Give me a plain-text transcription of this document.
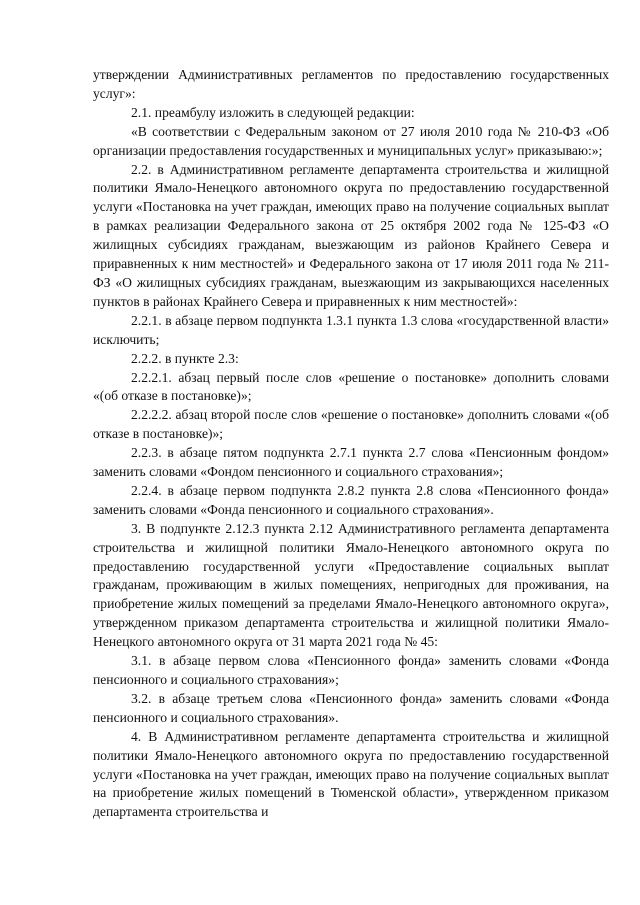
утверждении Административных регламентов по предоставлению государственных услуг»:

2.1. преамбулу изложить в следующей редакции:

«В соответствии с Федеральным законом от 27 июля 2010 года № 210-ФЗ «Об организации предоставления государственных и муниципальных услуг» приказываю:»;

2.2. в Административном регламенте департамента строительства и жилищной политики Ямало-Ненецкого автономного округа по предоставлению государственной услуги «Постановка на учет граждан, имеющих право на получение социальных выплат в рамках реализации Федерального закона от 25 октября 2002 года № 125-ФЗ «О жилищных субсидиях гражданам, выезжающим из районов Крайнего Севера и приравненных к ним местностей» и Федерального закона от 17 июля 2011 года № 211-ФЗ «О жилищных субсидиях гражданам, выезжающим из закрывающихся населенных пунктов в районах Крайнего Севера и приравненных к ним местностей»:

2.2.1. в абзаце первом подпункта 1.3.1 пункта 1.3 слова «государственной власти» исключить;

2.2.2. в пункте 2.3:

2.2.2.1. абзац первый после слов «решение о постановке» дополнить словами «(об отказе в постановке)»;

2.2.2.2. абзац второй после слов «решение о постановке» дополнить словами «(об отказе в постановке)»;

2.2.3. в абзаце пятом подпункта 2.7.1 пункта 2.7 слова «Пенсионным фондом» заменить словами «Фондом пенсионного и социального страхования»;

2.2.4. в абзаце первом подпункта 2.8.2 пункта 2.8 слова «Пенсионного фонда» заменить словами «Фонда пенсионного и социального страхования».

3. В подпункте 2.12.3 пункта 2.12 Административного регламента департамента строительства и жилищной политики Ямало-Ненецкого автономного округа по предоставлению государственной услуги «Предоставление социальных выплат гражданам, проживающим в жилых помещениях, непригодных для проживания, на приобретение жилых помещений за пределами Ямало-Ненецкого автономного округа», утвержденном приказом департамента строительства и жилищной политики Ямало-Ненецкого автономного округа от 31 марта 2021 года № 45:

3.1. в абзаце первом слова «Пенсионного фонда» заменить словами «Фонда пенсионного и социального страхования»;

3.2. в абзаце третьем слова «Пенсионного фонда» заменить словами «Фонда пенсионного и социального страхования».

4. В Административном регламенте департамента строительства и жилищной политики Ямало-Ненецкого автономного округа по предоставлению государственной услуги «Постановка на учет граждан, имеющих право на получение социальных выплат на приобретение жилых помещений в Тюменской области», утвержденном приказом департамента строительства и
